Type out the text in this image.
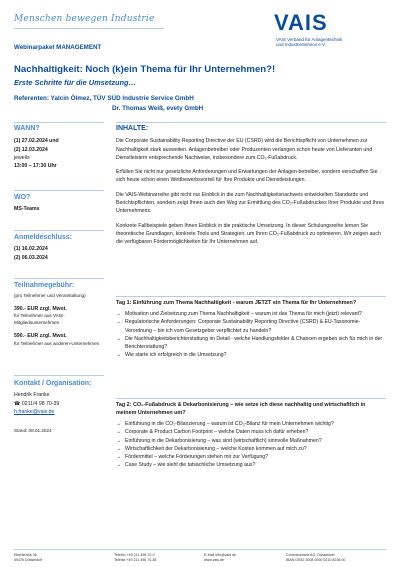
Menschen bewegen Industrie	VAIS
VAIS Verband für Anlagentechnik
und IndustrieService e.V.
Webinarpaket MANAGEMENT
Nachhaltigkeit: Noch (k)ein Thema für Ihr Unternehmen?!
Erste Schritte für die Umsetzung…
Referenten: Yalcin Ölmez, TÜV SÜD Industrie Service GmbH
Dr. Thomas Weiß, evety GmbH
WANN?

(1) 27.02.2024 und

(2) 12.03.2024

jeweils

13:00 – 17:30 Uhr

WO?

MS-Teams

Anmeldeschluss:

(1) 16.02.2024

(2) 06.03.2024

Teilnahmegebühr:

(pro Teilnehmer und Veranstaltung)

390.- EUR zzgl. Mwst.

für Teilnehmer aus VAIS-Mitgliedsunternehmen

590.- EUR zzgl. Mwst.

für Teilnehmer aus anderen-Unternehmen

Kontakt / Organisation:

Hendrik Franke

☎ 0211/4 98 70-39

h.franke@vais.de

Stand: 08.01.2024

INHALTE:

Die Corporate Sustainability Reporting Directive der EU (CSRD) wird die Berichtspflicht von Unternehmen zur Nachhaltigkeit stark ausweiten. Anlagenbetreiber oder Produzenten verlangen schon heute von Lieferanten und Dienstleistern entsprechende Nachweise, insbesondere zum CO₂-Fußabdruck.

Erfüllen Sie nicht nur gesetzliche Anforderungen und Erwartungen der Anlagen-betreiber, sondern verschaffen Sie sich heute schon einen Wettbewerbsvorteil für Ihre Produkte und Dienstleistungen.

Die VAIS-Webinarreihe gibt nicht nur Einblick in die zum Nachhaltigkeitsnachweis entwickelten Standards und Berichtspflichten, sondern zeigt Ihnen auch den Weg zur Ermittlung des CO₂-Fußabdruckes Ihrer Produkte und Ihres Unternehmens.

Konkrete Fallbeispiele geben Ihnen Einblick in die praktische Umsetzung. In dieser Schulungsreihe lernen Sie theoretische Grundlagen, konkrete Tools und Strategien, um Ihren CO₂-Fußabdruck zu optimieren. Wir zeigen auch die verfügbaren Fördermöglichkeiten für Ihr Unternehmen auf.

Tag 1: Einführung zum Thema Nachhaltigkeit - warum JETZT ein Thema für Ihr Unternehmen?
→ Motivation und Zielsetzung zum Thema Nachhaltigkeit – warum ist das Thema für mich (jetzt) relevant?
→ Regulatorische Anforderungen: Corporate Sustainability Reporting Directive (CSRD) & EU-Taxonomie-Verordnung – bin ich vom Gesetzgeber verpflichtet zu handeln?
→ Die Nachhaltigkeitsberichterstattung im Detail - welche Handlungsfelder & Chancen ergeben sich für mich in der Berichterstattung?
→ Wie starte ich erfolgreich in die Umsetzung?
Tag 2: CO₂-Fußabdruck & Dekarbonisierung – wie setze ich diese nachhaltig und wirtschaftlich in meinem Unternehmen um?
→ Einführung in die CO₂-Bilanzierung – warum ist CO₂-Bilanz für mein Unternehmen wichtig?
→ Corporate & Product Carbon Footprint – welche Daten muss ich dafür erheben?
→ Einführung in die Dekarbonisierung – was sind (wirtschaftlich) sinnvolle Maßnahmen?
→ Wirtschaftlichkeit der Dekarbonisierung – welche Kosten kommen auf mich zu?
→ Fördermittel – welche Förderungen stehen mir zur Verfügung?
→ Case Study – wie sieht die tatsächliche Umsetzung aus?
Eberstraße 36
40476 Düsseldorf
Telefon +49 211 498 70-0
Telefax +49 211 498 70-36
E-Mail info@vais.de
www.vais.de
Commerzbank AG, Düsseldorf
IBAN DE82 3008 0000 0210 8236 00
